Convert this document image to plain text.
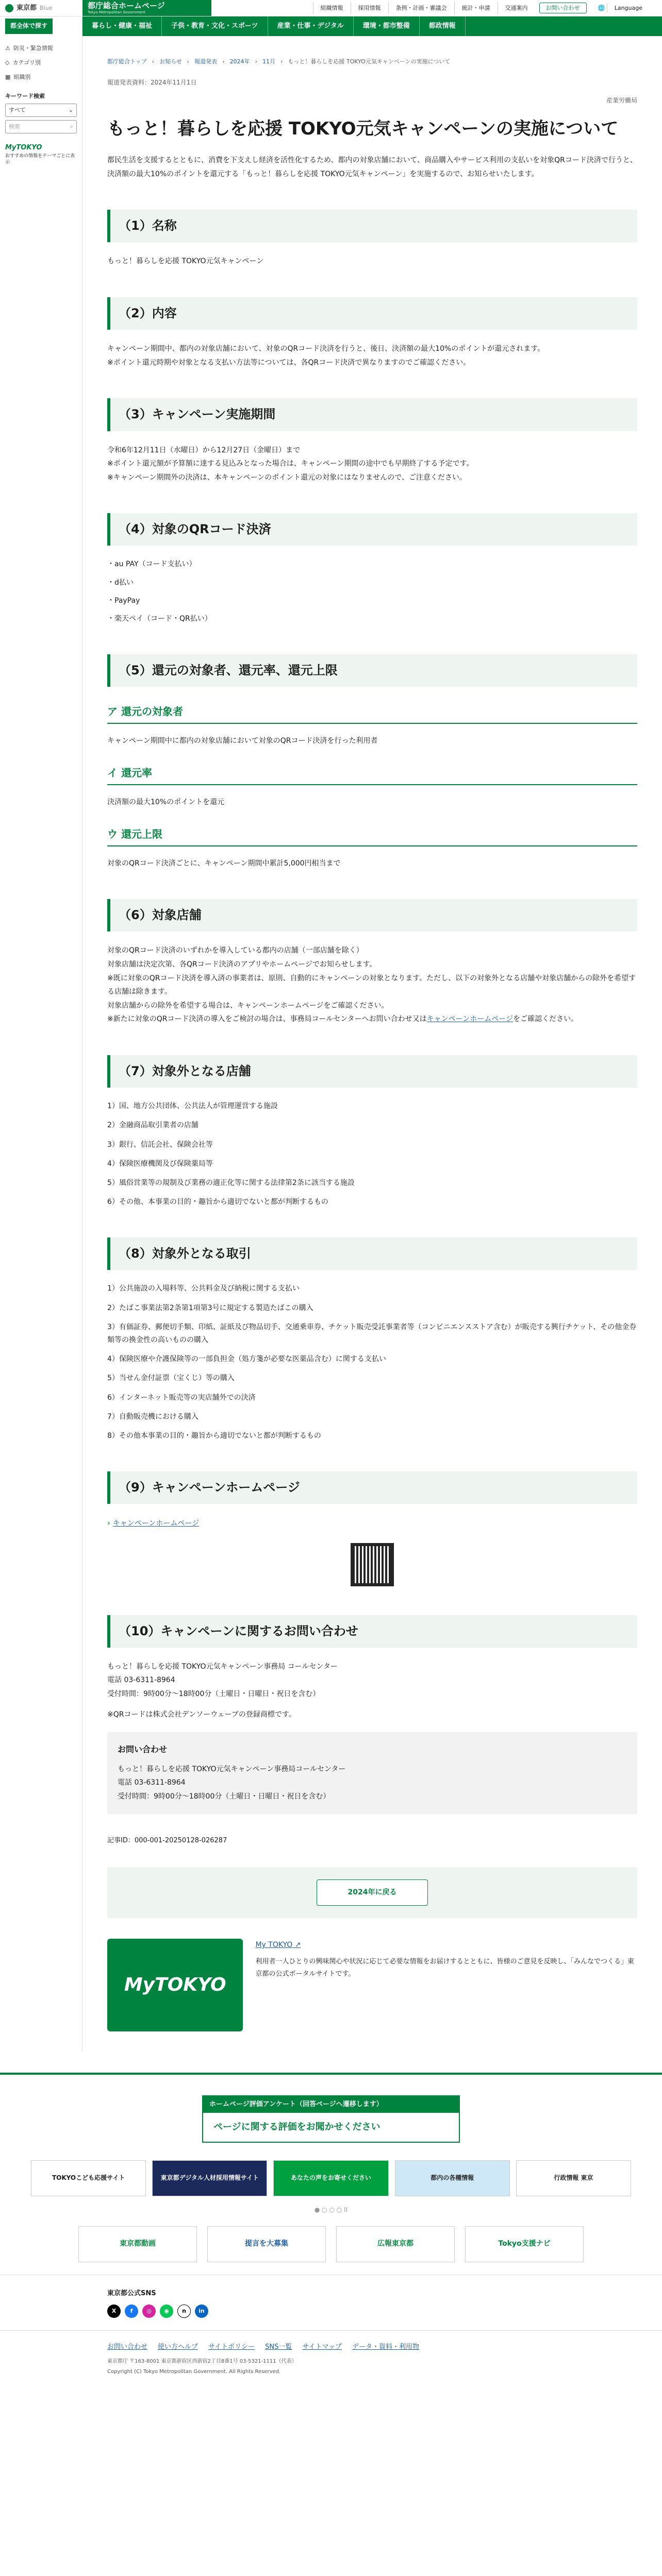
東京都 Blue	都庁総合ホームページ
Tokyo Metropolitan Government
組織情報	採用情報	条例・計画・審議会	統計・申請	交通案内	お問い合わせ	🌐 Language
都全体で探す	暮らし・健康・福祉	子供・教育・文化・スポーツ	産業・仕事・デジタル	環境・都市整備	都政情報
⚠ 防災・緊急情報
◇ カテゴリ別
▦ 組織別
キーワード検索
すべて	⌄
検索	⌕
MyTOKYO
おすすめの情報をテーマごとに表示
都庁総合トップ › お知らせ › 報道発表 › 2024年 › 11月 › もっと！暮らしを応援 TOKYO元気キャンペーンの実施について
報道発表資料：2024年11月1日
産業労働局
もっと！暮らしを応援 TOKYO元気キャンペーンの実施について

都民生活を支援するとともに、消費を下支えし経済を活性化するため、都内の対象店舗において、商品購入やサービス利用の支払いを対象QRコード決済で行うと、決済額の最大10%のポイントを還元する「もっと！暮らしを応援 TOKYO元気キャンペーン」を実施するので、お知らせいたします。

（1）名称

もっと！暮らしを応援 TOKYO元気キャンペーン

（2）内容

キャンペーン期間中、都内の対象店舗において、対象のQRコード決済を行うと、後日、決済額の最大10%のポイントが還元されます。

※ポイント還元時期や対象となる支払い方法等については、各QRコード決済で異なりますのでご確認ください。

（3）キャンペーン実施期間

令和6年12月11日（水曜日）から12月27日（金曜日）まで

※ポイント還元額が予算額に達する見込みとなった場合は、キャンペーン期間の途中でも早期終了する予定です。

※キャンペーン期間外の決済は、本キャンペーンのポイント還元の対象にはなりませんので、ご注意ください。

（4）対象のQRコード決済
・ au PAY（コード支払い）
・ d払い
・ PayPay
・ 楽天ペイ（コード・QR払い）
（5）還元の対象者、還元率、還元上限
ア 還元の対象者

キャンペーン期間中に都内の対象店舗において対象のQRコード決済を行った利用者

イ 還元率

決済額の最大10%のポイントを還元

ウ 還元上限

対象のQRコード決済ごとに、キャンペーン期間中累計5,000円相当まで

（6）対象店舗

対象のQRコード決済のいずれかを導入している都内の店舗（一部店舗を除く）

対象店舗は決定次第、各QRコード決済のアプリやホームページでお知らせします。

※既に対象のQRコード決済を導入済の事業者は、原則、自動的にキャンペーンの対象となります。ただし、以下の対象外となる店舗や対象店舗からの除外を希望する店舗は除きます。

対象店舗からの除外を希望する場合は、キャンペーンホームページをご確認ください。

※新たに対象のQRコード決済の導入をご検討の場合は、事務局コールセンターへお問い合わせ又はキャンペーンホームページをご確認ください。

（7）対象外となる店舗
1）国、地方公共団体、公共法人が管理運営する施設
2）金融商品取引業者の店舗
3）銀行、信託会社、保険会社等
4）保険医療機関及び保険薬局等
5）風俗営業等の規制及び業務の適正化等に関する法律第2条に該当する施設
6）その他、本事業の目的・趣旨から適切でないと都が判断するもの
（8）対象外となる取引
1）公共施設の入場料等、公共料金及び納税に関する支払い
2）たばこ事業法第2条第1項第3号に規定する製造たばこの購入
3）有価証券、郵便切手類、印紙、証紙及び物品切手、交通乗車券、チケット販売受託事業者等（コンビニエンスストア含む）が販売する興行チケット、その他金券類等の換金性の高いものの購入
4）保険医療や介護保険等の一部負担金（処方箋が必要な医薬品含む）に関する支払い
5）当せん金付証票（宝くじ）等の購入
6）インターネット販売等の実店舗外での決済
7）自動販売機における購入
8）その他本事業の目的・趣旨から適切でないと都が判断するもの
（9）キャンペーンホームページ
› キャンペーンホームページ
（10）キャンペーンに関するお問い合わせ

もっと！暮らしを応援 TOKYO元気キャンペーン事務局 コールセンター

電話 03-6311-8964

受付時間：9時00分〜18時00分（土曜日・日曜日・祝日を含む）

※QRコードは株式会社デンソーウェーブの登録商標です。

お問い合わせ

もっと！暮らしを応援 TOKYO元気キャンペーン事務局コールセンター

電話 03-6311-8964

受付時間：9時00分〜18時00分（土曜日・日曜日・祝日を含む）

記事ID：000-001-20250128-026287
2024年に戻る
MyTOKYO
My TOKYO ↗
利用者一人ひとりの興味関心や状況に応じて必要な情報をお届けするとともに、皆様のご意見を反映し、「みんなでつくる」東京都の公式ポータルサイトです。
ホームページ評価アンケート（回答ページへ遷移します）
ページに関する評価をお聞かせください
TOKYOこども応援サイト	東京都デジタル人材採用情報サイト	あなたの声をお寄せください	都内の各種情報	行政情報 東京
● ○ ○ ○ II
東京都動画	提言を大募集	広報東京都	Tokyo支援ナビ
東京都公式SNS
X	f	◎	◉	n	in
お問い合わせ 使い方ヘルプ サイトポリシー SNS一覧 サイトマップ データ・資料・利用物
東京都庁 〒163-8001 東京都新宿区西新宿2丁目8番1号 03-5321-1111（代表）
Copyright (C) Tokyo Metropolitan Government. All Rights Reserved.
